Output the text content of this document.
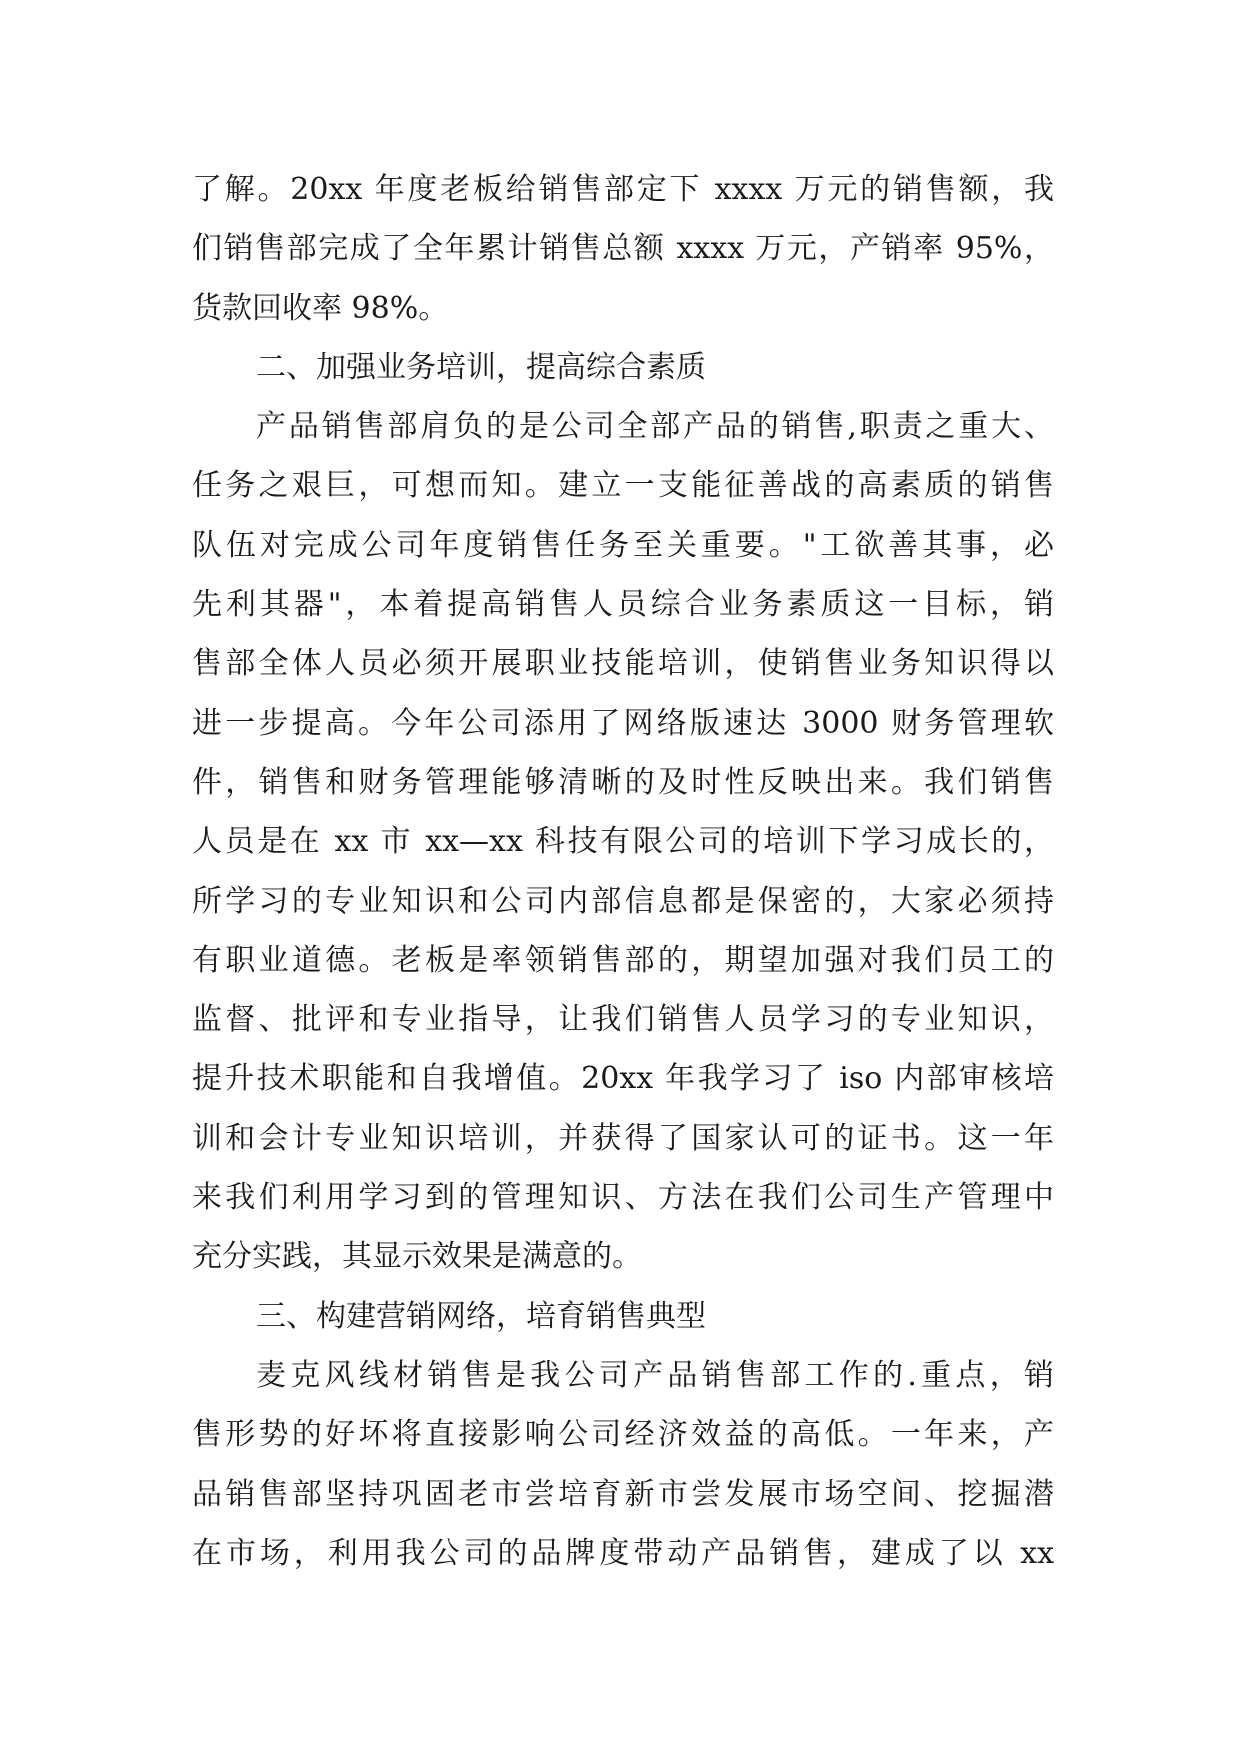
了解。20xx 年度老板给销售部定下 xxxx 万元的销售额，我
们销售部完成了全年累计销售总额 xxxx 万元，产销率 95%，
货款回收率 98%。
二、加强业务培训，提高综合素质
产品销售部肩负的是公司全部产品的销售,职责之重大、
任务之艰巨，可想而知。建立一支能征善战的高素质的销售
队伍对完成公司年度销售任务至关重要。"工欲善其事，必
先利其器"，本着提高销售人员综合业务素质这一目标，销
售部全体人员必须开展职业技能培训，使销售业务知识得以
进一步提高。今年公司添用了网络版速达 3000 财务管理软
件，销售和财务管理能够清晰的及时性反映出来。我们销售
人员是在 xx 市 xx—xx 科技有限公司的培训下学习成长的，
所学习的专业知识和公司内部信息都是保密的，大家必须持
有职业道德。老板是率领销售部的，期望加强对我们员工的
监督、批评和专业指导，让我们销售人员学习的专业知识，
提升技术职能和自我增值。20xx 年我学习了 iso 内部审核培
训和会计专业知识培训，并获得了国家认可的证书。这一年
来我们利用学习到的管理知识、方法在我们公司生产管理中
充分实践，其显示效果是满意的。
三、构建营销网络，培育销售典型
麦克风线材销售是我公司产品销售部工作的.重点，销
售形势的好坏将直接影响公司经济效益的高低。一年来，产
品销售部坚持巩固老市尝培育新市尝发展市场空间、挖掘潜
在市场，利用我公司的品牌度带动产品销售，建成了以 xx
